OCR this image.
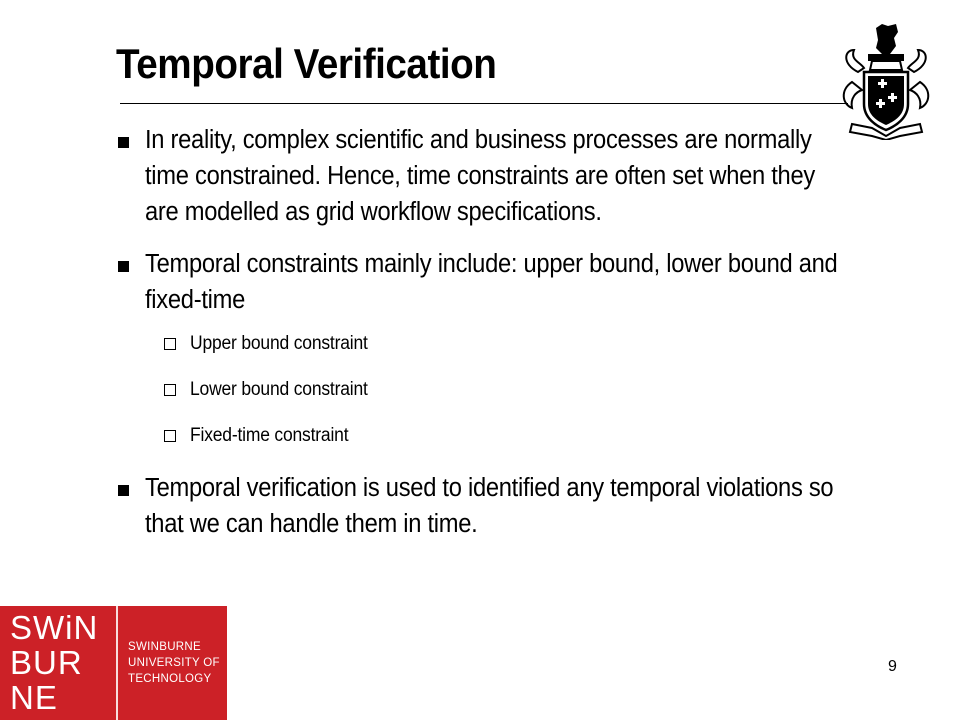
Temporal Verification
In reality, complex scientific and business processes are normally time constrained. Hence, time constraints are often set when they are modelled as grid workflow specifications.
Temporal constraints mainly include: upper bound, lower bound and fixed-time
Upper bound constraint
Lower bound constraint
Fixed-time constraint
Temporal verification is used to identified any temporal violations so that we can handle them in time.
SWiN
BUR
NE
SWINBURNE
UNIVERSITY OF
TECHNOLOGY
9
